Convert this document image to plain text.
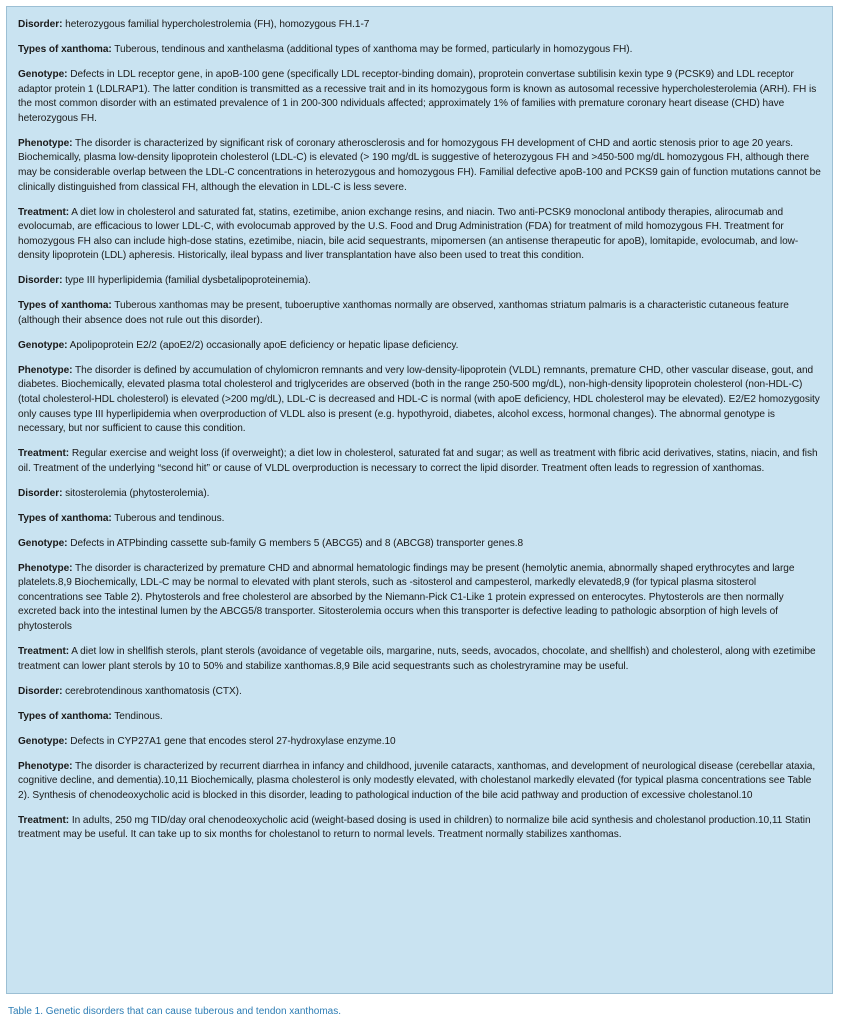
Disorder: heterozygous familial hypercholestrolemia (FH), homozygous FH.1-7

Types of xanthoma: Tuberous, tendinous and xanthelasma (additional types of xanthoma may be formed, particularly in homozygous FH).

Genotype: Defects in LDL receptor gene, in apoB-100 gene (specifically LDL receptor-binding domain), proprotein convertase subtilisin kexin type 9 (PCSK9) and LDL receptor adaptor protein 1 (LDLRAP1). The latter condition is transmitted as a recessive trait and in its homozygous form is known as autosomal recessive hypercholesterolemia (ARH). FH is the most common disorder with an estimated prevalence of 1 in 200-300 ndividuals affected; approximately 1% of families with premature coronary heart disease (CHD) have heterozygous FH.

Phenotype: The disorder is characterized by significant risk of coronary atherosclerosis and for homozygous FH development of CHD and aortic stenosis prior to age 20 years. Biochemically, plasma low-density lipoprotein cholesterol (LDL-C) is elevated (> 190 mg/dL is suggestive of heterozygous FH and >450-500 mg/dL homozygous FH, although there may be considerable overlap between the LDL-C concentrations in heterozygous and homozygous FH). Familial defective apoB-100 and PCKS9 gain of function mutations cannot be clinically distinguished from classical FH, although the elevation in LDL-C is less severe.

Treatment: A diet low in cholesterol and saturated fat, statins, ezetimibe, anion exchange resins, and niacin. Two anti-PCSK9 monoclonal antibody therapies, alirocumab and evolocumab, are efficacious to lower LDL-C, with evolocumab approved by the U.S. Food and Drug Administration (FDA) for treatment of mild homozygous FH. Treatment for homozygous FH also can include high-dose statins, ezetimibe, niacin, bile acid sequestrants, mipomersen (an antisense therapeutic for apoB), lomitapide, evolocumab, and low-density lipoprotein (LDL) apheresis. Historically, ileal bypass and liver transplantation have also been used to treat this condition.

Disorder: type III hyperlipidemia (familial dysbetalipoproteinemia).

Types of xanthoma: Tuberous xanthomas may be present, tuboeruptive xanthomas normally are observed, xanthomas striatum palmaris is a characteristic cutaneous feature (although their absence does not rule out this disorder).

Genotype: Apolipoprotein E2/2 (apoE2/2) occasionally apoE deficiency or hepatic lipase deficiency.

Phenotype: The disorder is defined by accumulation of chylomicron remnants and very low-density-lipoprotein (VLDL) remnants, premature CHD, other vascular disease, gout, and diabetes. Biochemically, elevated plasma total cholesterol and triglycerides are observed (both in the range 250-500 mg/dL), non-high-density lipoprotein cholesterol (non-HDL-C) (total cholesterol-HDL cholesterol) is elevated (>200 mg/dL), LDL-C is decreased and HDL-C is normal (with apoE deficiency, HDL cholesterol may be elevated). E2/E2 homozygosity only causes type III hyperlipidemia when overproduction of VLDL also is present (e.g. hypothyroid, diabetes, alcohol excess, hormonal changes). The abnormal genotype is necessary, but nor sufficient to cause this condition.

Treatment: Regular exercise and weight loss (if overweight); a diet low in cholesterol, saturated fat and sugar; as well as treatment with fibric acid derivatives, statins, niacin, and fish oil. Treatment of the underlying “second hit” or cause of VLDL overproduction is necessary to correct the lipid disorder. Treatment often leads to regression of xanthomas.

Disorder: sitosterolemia (phytosterolemia).

Types of xanthoma: Tuberous and tendinous.

Genotype: Defects in ATPbinding cassette sub-family G members 5 (ABCG5) and 8 (ABCG8) transporter genes.8

Phenotype: The disorder is characterized by premature CHD and abnormal hematologic findings may be present (hemolytic anemia, abnormally shaped erythrocytes and large platelets.8,9 Biochemically, LDL-C may be normal to elevated with plant sterols, such as -sitosterol and campesterol, markedly elevated8,9 (for typical plasma sitosterol concentrations see Table 2). Phytosterols and free cholesterol are absorbed by the Niemann-Pick C1-Like 1 protein expressed on enterocytes. Phytosterols are then normally excreted back into the intestinal lumen by the ABCG5/8 transporter. Sitosterolemia occurs when this transporter is defective leading to pathologic absorption of high levels of phytosterols

Treatment: A diet low in shellfish sterols, plant sterols (avoidance of vegetable oils, margarine, nuts, seeds, avocados, chocolate, and shellfish) and cholesterol, along with ezetimibe treatment can lower plant sterols by 10 to 50% and stabilize xanthomas.8,9 Bile acid sequestrants such as cholestryramine may be useful.

Disorder: cerebrotendinous xanthomatosis (CTX).

Types of xanthoma: Tendinous.

Genotype: Defects in CYP27A1 gene that encodes sterol 27-hydroxylase enzyme.10

Phenotype: The disorder is characterized by recurrent diarrhea in infancy and childhood, juvenile cataracts, xanthomas, and development of neurological disease (cerebellar ataxia, cognitive decline, and dementia).10,11 Biochemically, plasma cholesterol is only modestly elevated, with cholestanol markedly elevated (for typical plasma concentrations see Table 2). Synthesis of chenodeoxycholic acid is blocked in this disorder, leading to pathological induction of the bile acid pathway and production of excessive cholestanol.10

Treatment: In adults, 250 mg TID/day oral chenodeoxycholic acid (weight-based dosing is used in children) to normalize bile acid synthesis and cholestanol production.10,11 Statin treatment may be useful. It can take up to six months for cholestanol to return to normal levels. Treatment normally stabilizes xanthomas.

Table 1. Genetic disorders that can cause tuberous and tendon xanthomas.
